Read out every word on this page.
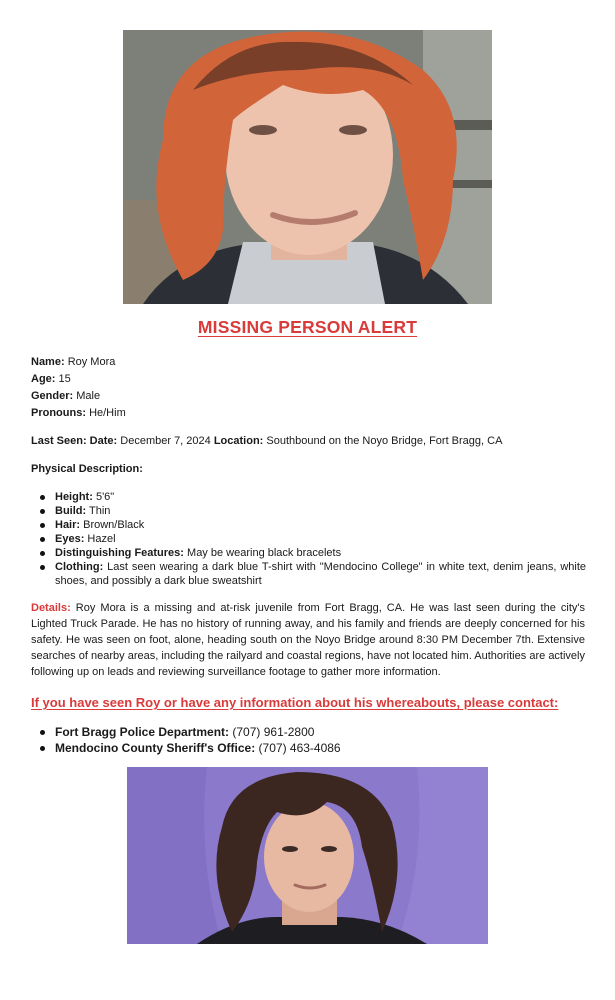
MISSING PERSON ALERT
Name: Roy Mora
Age: 15
Gender: Male
Pronouns: He/Him
Last Seen: Date: December 7, 2024 Location: Southbound on the Noyo Bridge, Fort Bragg, CA
Physical Description:
Height: 5'6"
Build: Thin
Hair: Brown/Black
Eyes: Hazel
Distinguishing Features: May be wearing black bracelets
Clothing: Last seen wearing a dark blue T-shirt with "Mendocino College" in white text, denim jeans, white shoes, and possibly a dark blue sweatshirt
Details: Roy Mora is a missing and at-risk juvenile from Fort Bragg, CA. He was last seen during the city's Lighted Truck Parade. He has no history of running away, and his family and friends are deeply concerned for his safety. He was seen on foot, alone, heading south on the Noyo Bridge around 8:30 PM December 7th. Extensive searches of nearby areas, including the railyard and coastal regions, have not located him. Authorities are actively following up on leads and reviewing surveillance footage to gather more information.
If you have seen Roy or have any information about his whereabouts, please contact:
Fort Bragg Police Department: (707) 961-2800
Mendocino County Sheriff's Office: (707) 463-4086
